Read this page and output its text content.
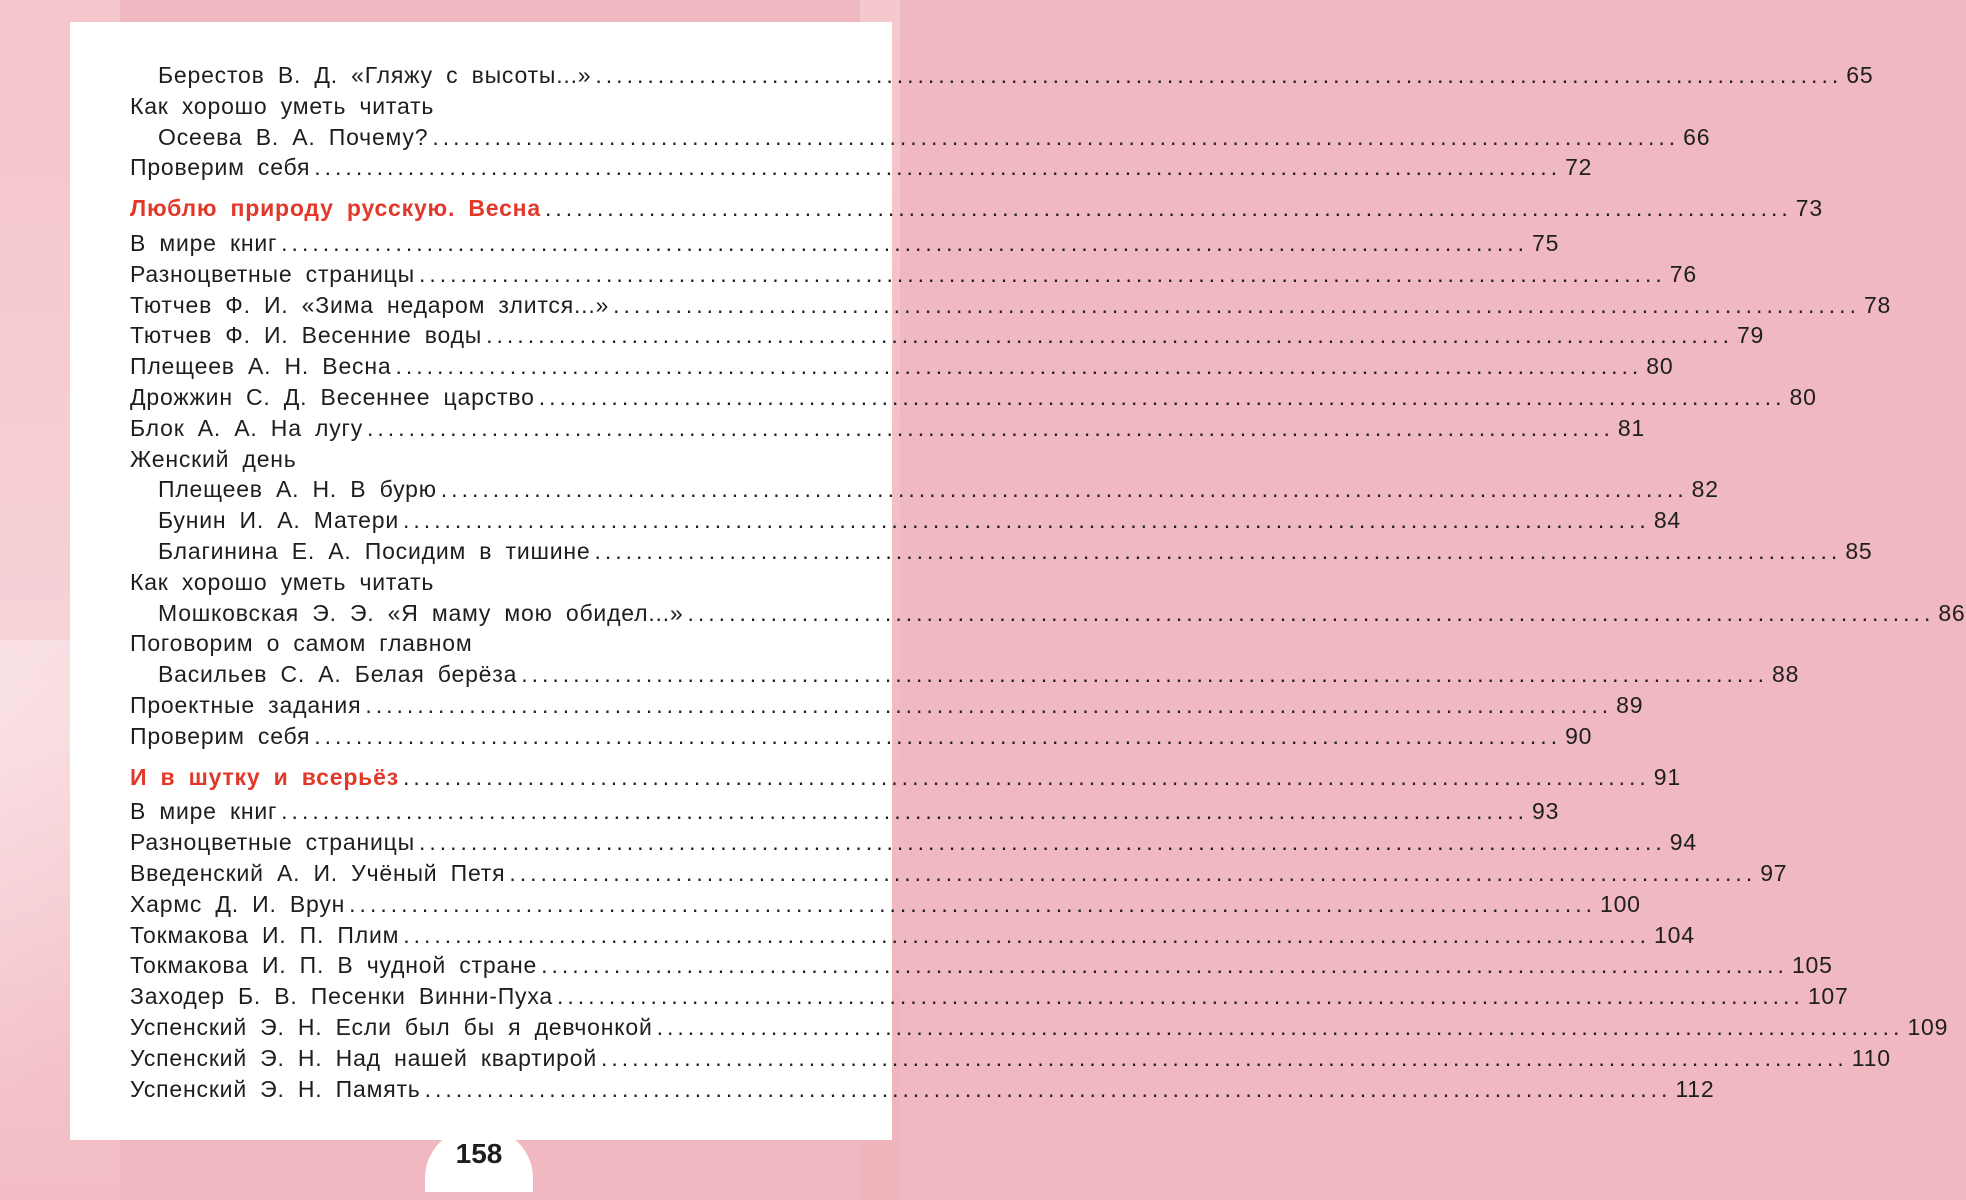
Берестов В. Д. «Гляжу с высоты...» ........................................................................................................................ 65
Как хорошо уметь читать
Осеева В. А. Почему? ........................................................................................................................ 66
Проверим себя ........................................................................................................................ 72
Люблю природу русскую. Весна ........................................................................................................................ 73
В мире книг ........................................................................................................................ 75
Разноцветные страницы ........................................................................................................................ 76
Тютчев Ф. И. «Зима недаром злится...» ........................................................................................................................ 78
Тютчев Ф. И. Весенние воды ........................................................................................................................ 79
Плещеев А. Н. Весна ........................................................................................................................ 80
Дрожжин С. Д. Весеннее царство ........................................................................................................................ 80
Блок А. А. На лугу ........................................................................................................................ 81
Женский день
Плещеев А. Н. В бурю ........................................................................................................................ 82
Бунин И. А. Матери ........................................................................................................................ 84
Благинина Е. А. Посидим в тишине ........................................................................................................................ 85
Как хорошо уметь читать
Мошковская Э. Э. «Я маму мою обидел...» ........................................................................................................................ 86
Поговорим о самом главном
Васильев С. А. Белая берёза ........................................................................................................................ 88
Проектные задания ........................................................................................................................ 89
Проверим себя ........................................................................................................................ 90
И в шутку и всерьёз ........................................................................................................................ 91
В мире книг ........................................................................................................................ 93
Разноцветные страницы ........................................................................................................................ 94
Введенский А. И. Учёный Петя ........................................................................................................................ 97
Хармс Д. И. Врун ........................................................................................................................ 100
Токмакова И. П. Плим ........................................................................................................................ 104
Токмакова И. П. В чудной стране ........................................................................................................................ 105
Заходер Б. В. Песенки Винни-Пуха ........................................................................................................................ 107
Успенский Э. Н. Если был бы я девчонкой ........................................................................................................................ 109
Успенский Э. Н. Над нашей квартирой ........................................................................................................................ 110
Успенский Э. Н. Память ........................................................................................................................ 112
158
